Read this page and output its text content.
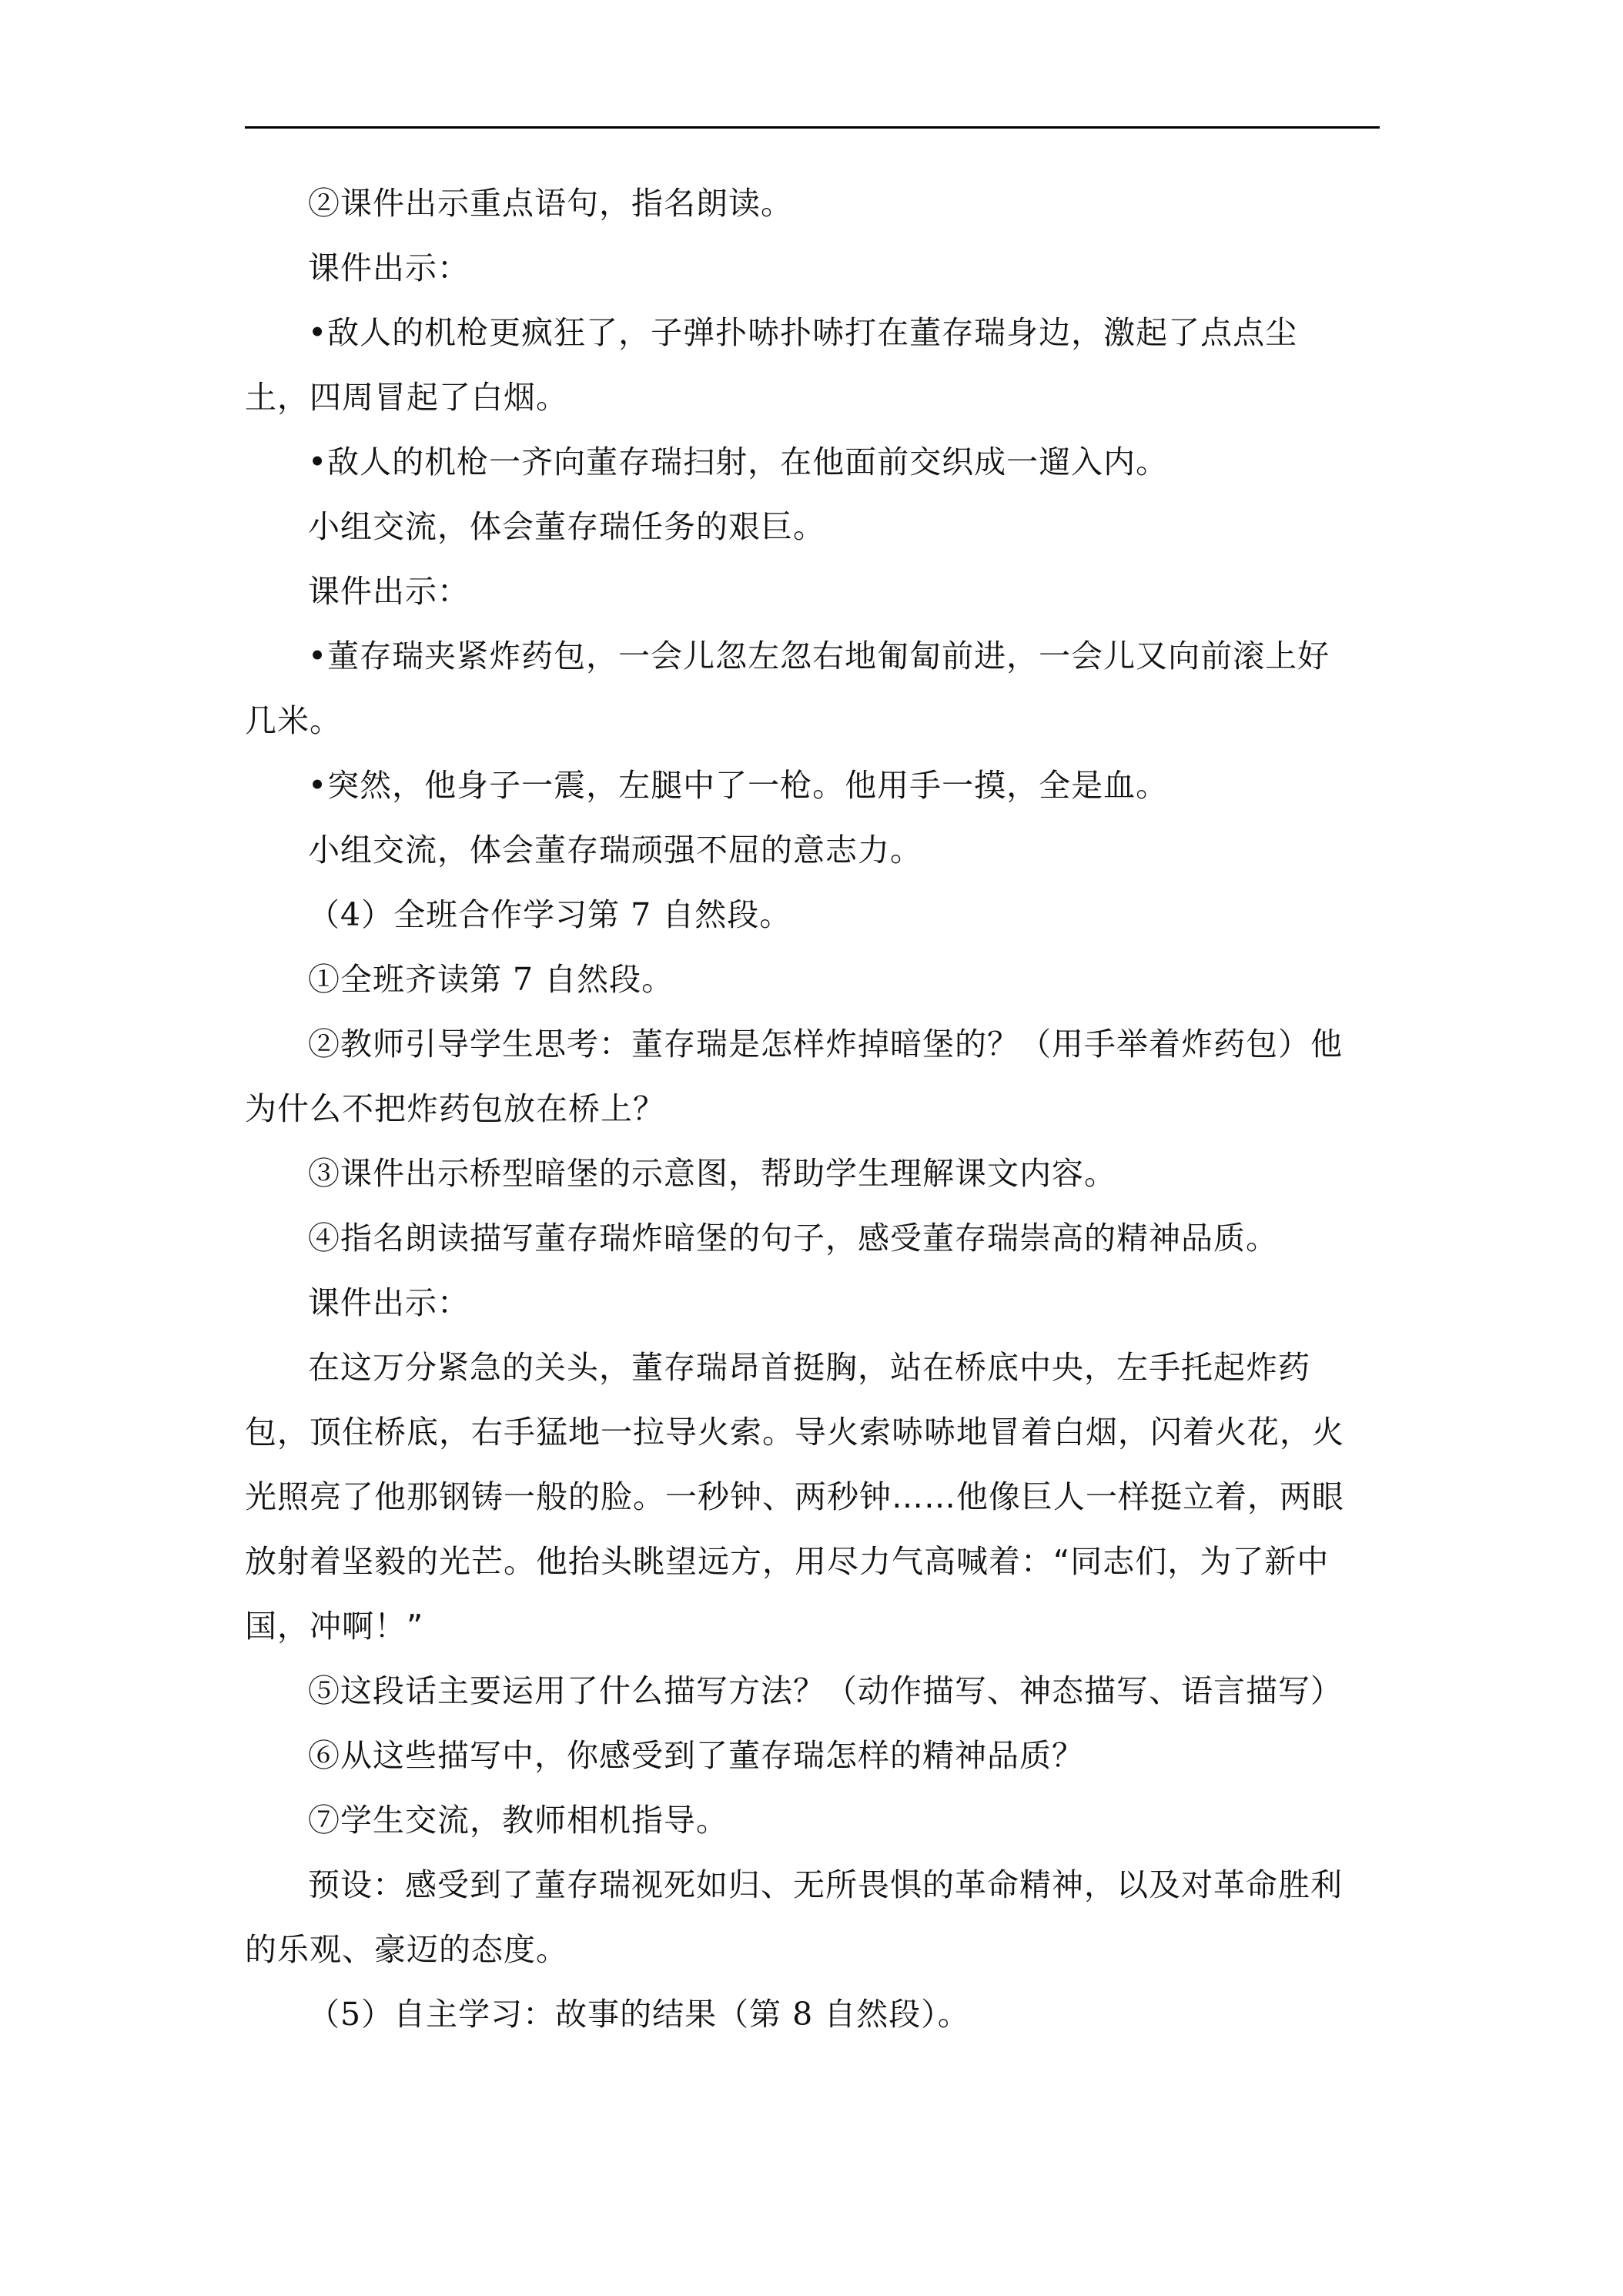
②课件出示重点语句，指名朗读。
课件出示：
•敌人的机枪更疯狂了，子弹扑哧扑哧打在董存瑞身边，激起了点点尘
土，四周冒起了白烟。
•敌人的机枪一齐向董存瑞扫射，在他面前交织成一遛入内。
小组交流，体会董存瑞任务的艰巨。
课件出示：
•董存瑞夹紧炸药包，一会儿忽左忽右地匍匐前进，一会儿又向前滚上好
几米。
•突然，他身子一震，左腿中了一枪。他用手一摸，全是血。
小组交流，体会董存瑞顽强不屈的意志力。
（4）全班合作学习第 7 自然段。
①全班齐读第 7 自然段。
②教师引导学生思考：董存瑞是怎样炸掉暗堡的？（用手举着炸药包）他
为什么不把炸药包放在桥上？
③课件出示桥型暗堡的示意图，帮助学生理解课文内容。
④指名朗读描写董存瑞炸暗堡的句子，感受董存瑞崇高的精神品质。
课件出示：
在这万分紧急的关头，董存瑞昂首挺胸，站在桥底中央，左手托起炸药
包，顶住桥底，右手猛地一拉导火索。导火索哧哧地冒着白烟，闪着火花，火
光照亮了他那钢铸一般的脸。一秒钟、两秒钟……他像巨人一样挺立着，两眼
放射着坚毅的光芒。他抬头眺望远方，用尽力气高喊着：“同志们，为了新中
国，冲啊！”
⑤这段话主要运用了什么描写方法？（动作描写、神态描写、语言描写）
⑥从这些描写中，你感受到了董存瑞怎样的精神品质？
⑦学生交流，教师相机指导。
预设：感受到了董存瑞视死如归、无所畏惧的革命精神，以及对革命胜利
的乐观、豪迈的态度。
（5）自主学习：故事的结果（第 8 自然段）。
